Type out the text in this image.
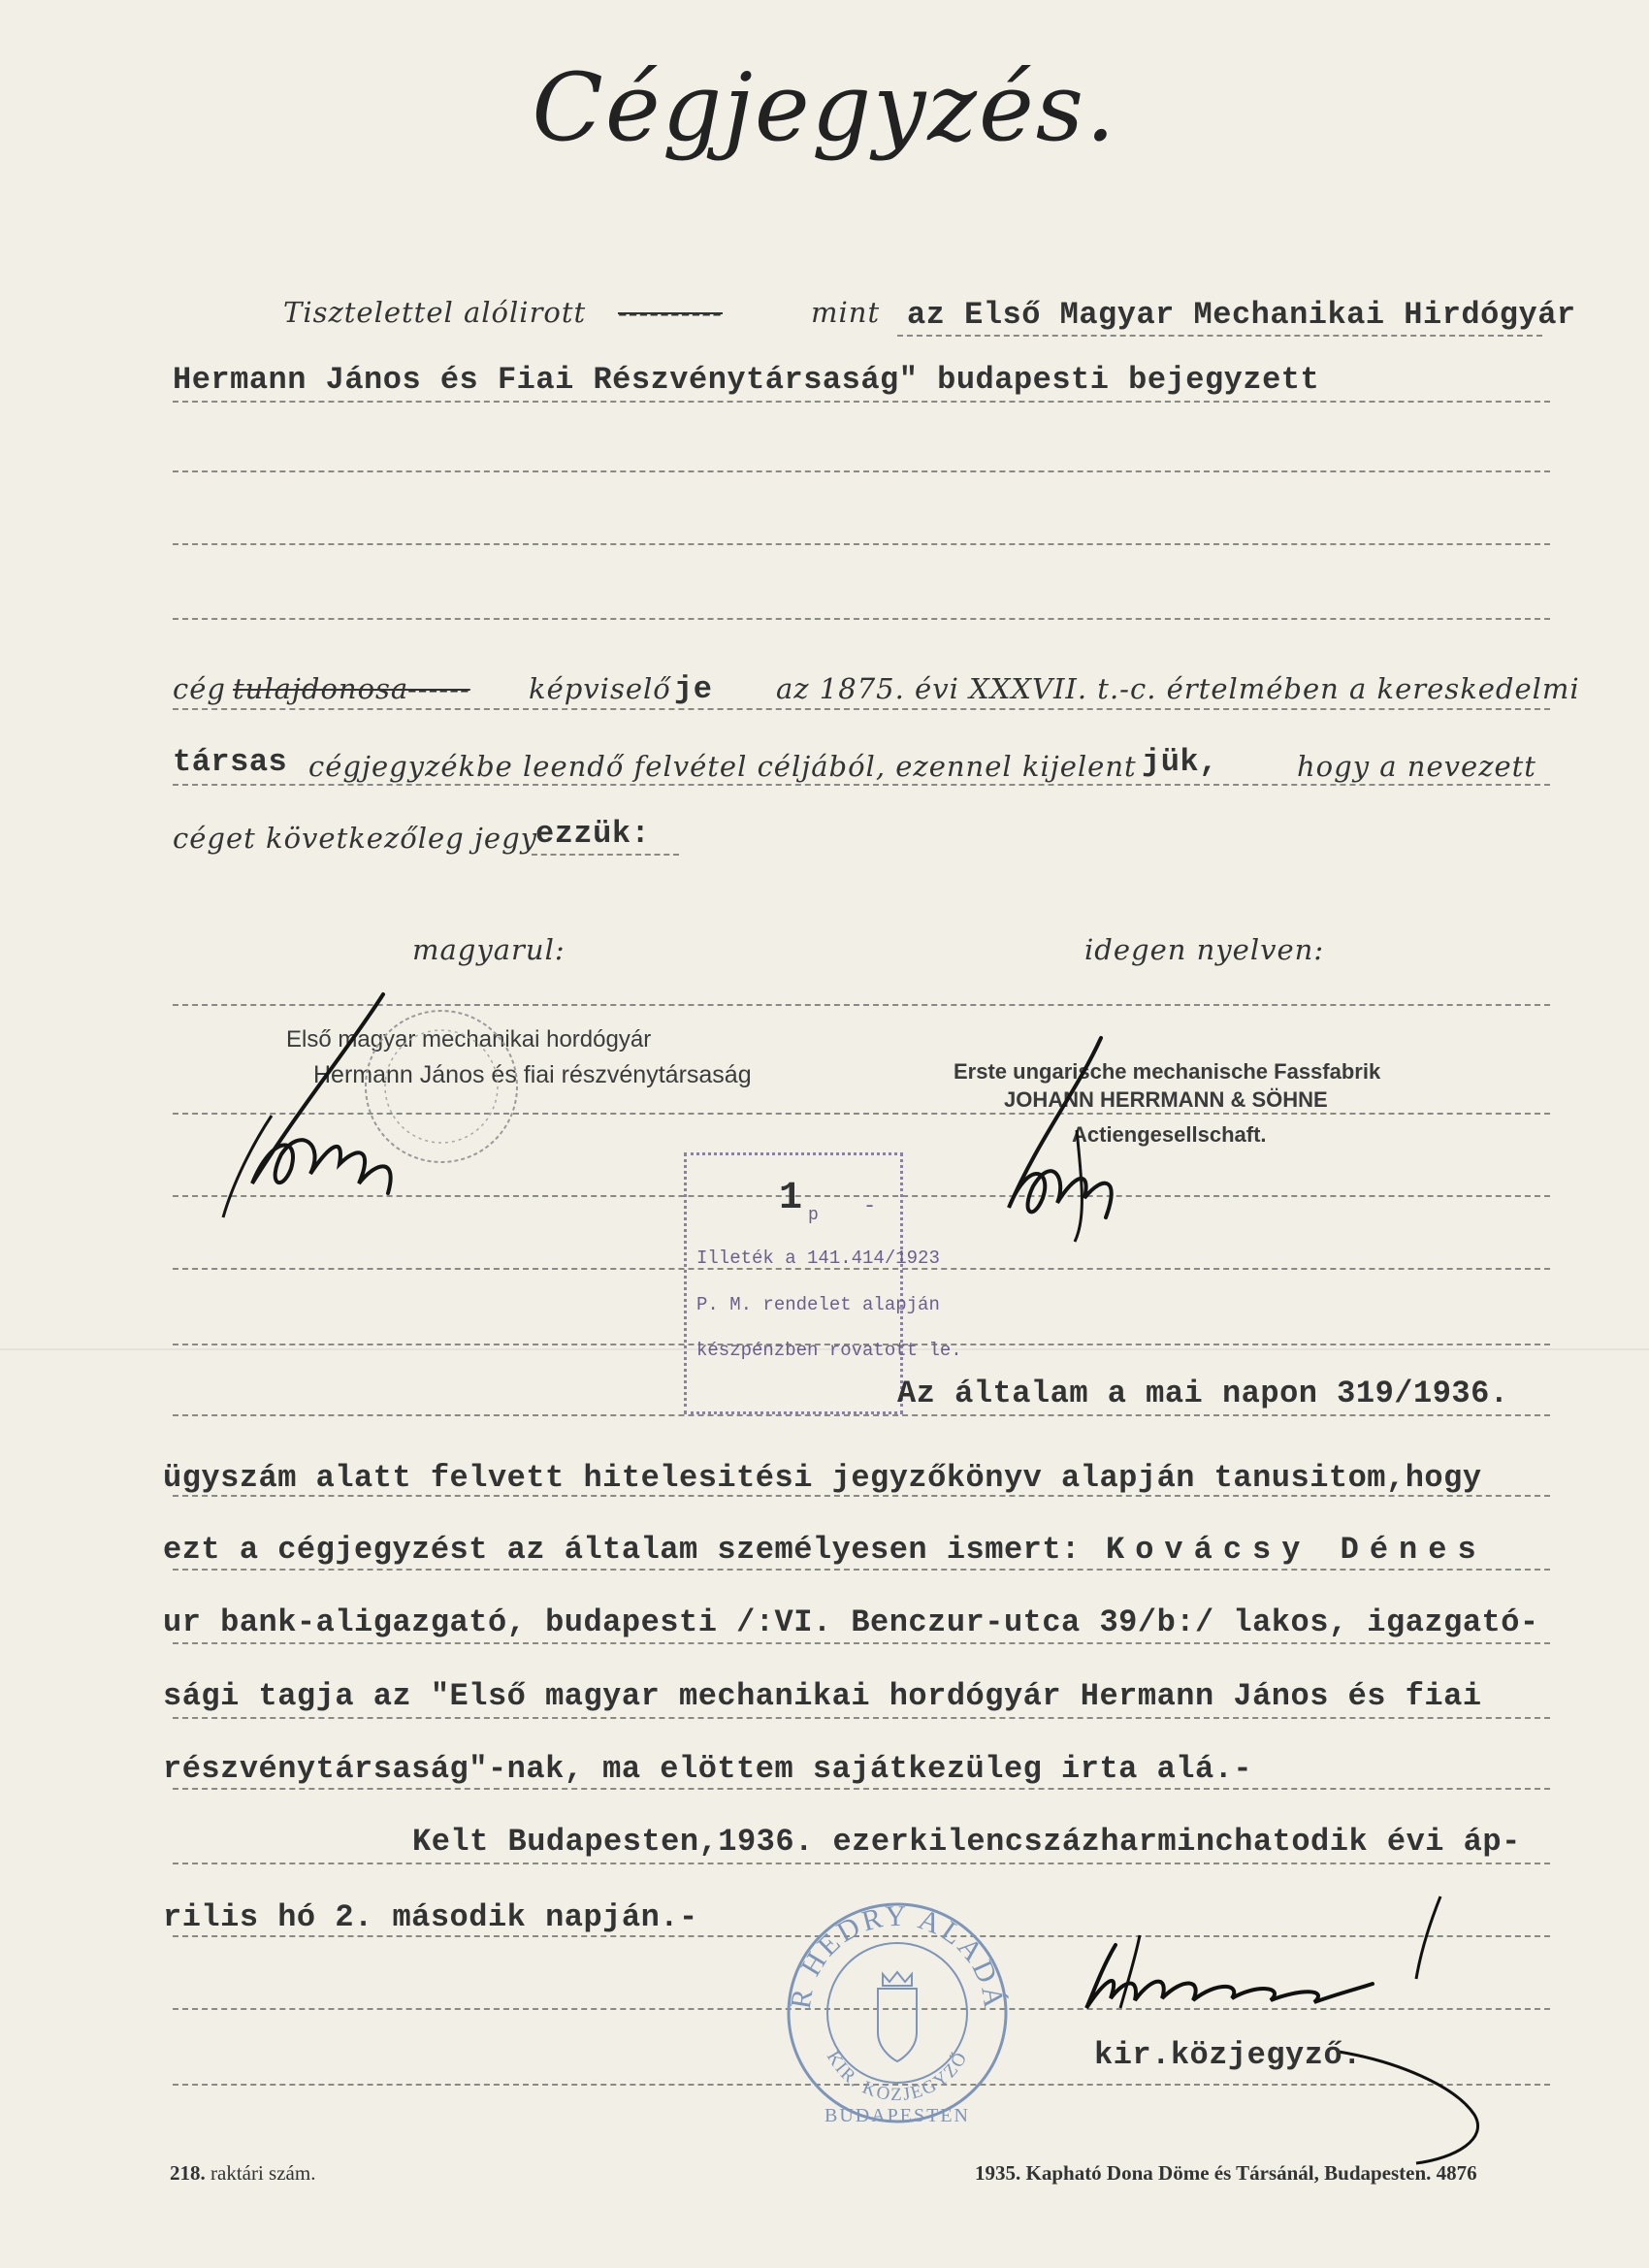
Cégjegyzés.
Tisztelettel alólirott ----------	mint az Első Magyar Mechanikai Hirdógyár
Hermann János és Fiai Részvénytársaság" budapesti bejegyzett
cég tulajdonosa
------ képviselő je az 1875. évi XXXVII. t.-c. értelmében a kereskedelmi
társas cégjegyzékbe leendő felvétel céljából, ezennel kijelent jük,	hogy a nevezett
céget következőleg jegy
ezzük:
magyarul:	idegen nyelven:
Első magyar mechanikai hordógyár
Hermann János és fiai részvénytársaság	Erste ungarische mechanische Fassfabrik
JOHANN HERRMANN & SÖHNE
Actiengesellschaft.
1 p -
Illeték a 141.414/1923
P. M. rendelet alapján
készpénzben rovatott le.
Az általam a mai napon 319/1936.
ügyszám alatt felvett hitelesitési jegyzőkönyv alapján tanusitom,hogy
ezt a cégjegyzést az általam személyesen ismert: Kovácsy Dénes
ur bank-aligazgató, budapesti /:VI. Benczur-utca 39/b:/ lakos, igazgató-
sági tagja az "Első magyar mechanikai hordógyár Hermann János és fiai
részvénytársaság"-nak, ma elöttem sajátkezüleg irta alá.-
Kelt Budapesten,1936. ezerkilencszázharminchatodik évi áp-
rilis hó 2. második napján.-
DR HEDRY ALADÁR
KIR. KÖZJEGYZŐ
BUDAPESTEN
kir.közjegyző.
218. raktári szám.	1935. Kapható Dona Döme és Társánál, Budapesten. 4876
